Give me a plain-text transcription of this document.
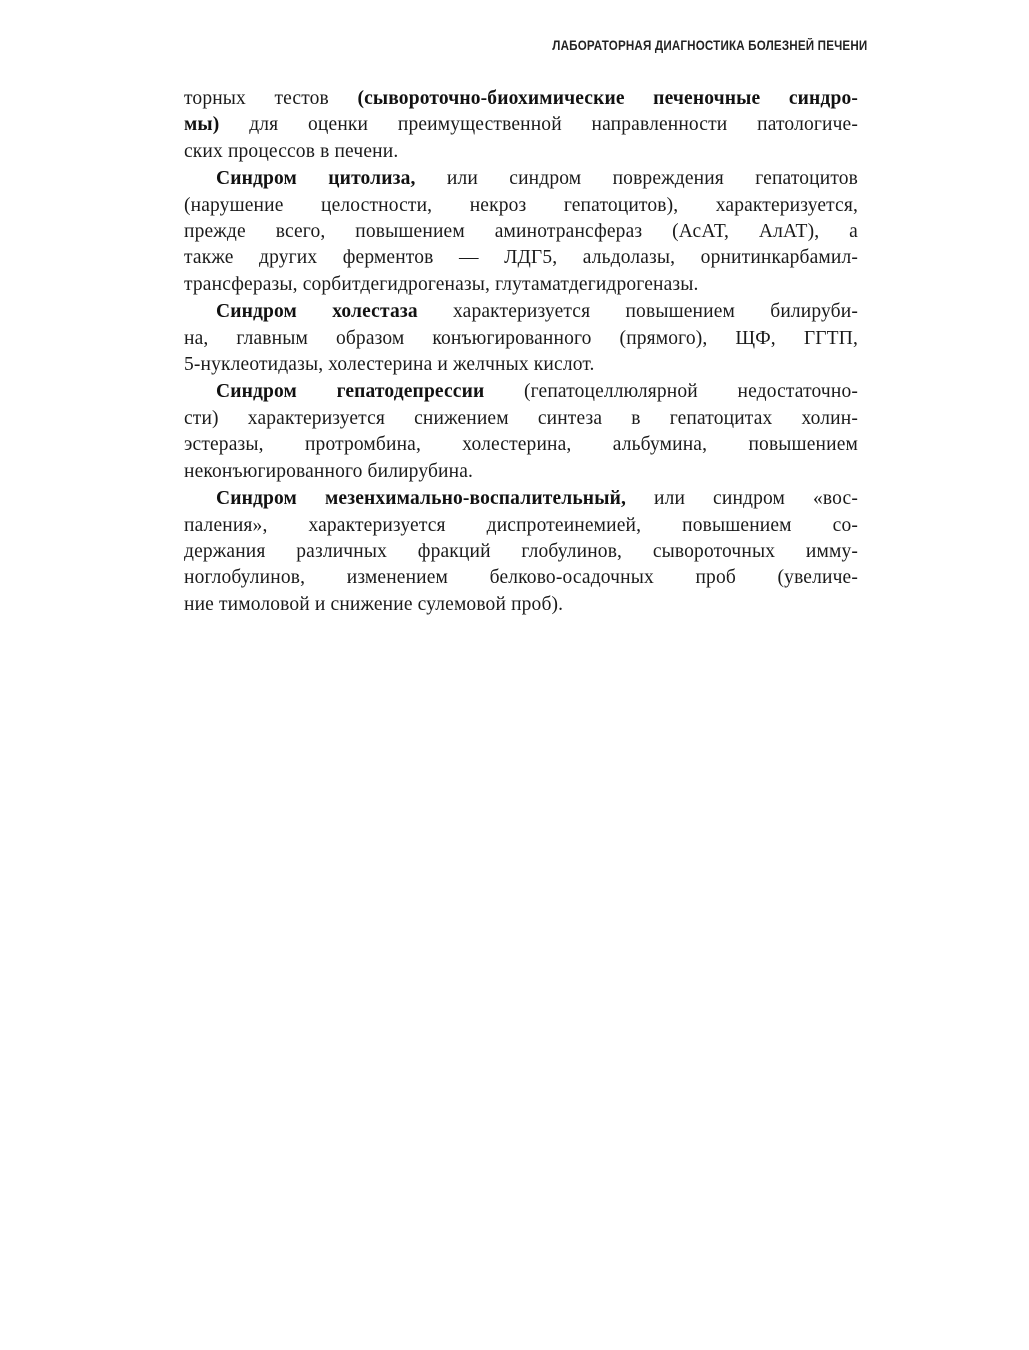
ЛАБОРАТОРНАЯ ДИАГНОСТИКА БОЛЕЗНЕЙ ПЕЧЕНИ
торных тестов (сывороточно-биохимические печеночные синдро-
мы) для оценки преимущественной направленности патологиче-
ских процессов в печени.
Синдром цитолиза, или синдром повреждения гепатоцитов
(нарушение целостности, некроз гепатоцитов), характеризуется,
прежде всего, повышением аминотрансфераз (АсАТ, АлАТ), а
также других ферментов — ЛДГ5, альдолазы, орнитинкарбамил-
трансферазы, сорбитдегидрогеназы, глутаматдегидрогеназы.
Синдром холестаза характеризуется повышением билируби-
на, главным образом конъюгированного (прямого), ЩФ, ГГТП,
5-нуклеотидазы, холестерина и желчных кислот.
Синдром гепатодепрессии (гепатоцеллюлярной недостаточно-
сти) характеризуется снижением синтеза в гепатоцитах холин-
эстеразы, протромбина, холестерина, альбумина, повышением
неконъюгированного билирубина.
Синдром мезенхимально-воспалительный, или синдром «вос-
паления», характеризуется диспротеинемией, повышением со-
держания различных фракций глобулинов, сывороточных имму-
ноглобулинов, изменением белково-осадочных проб (увеличе-
ние тимоловой и снижение сулемовой проб).
